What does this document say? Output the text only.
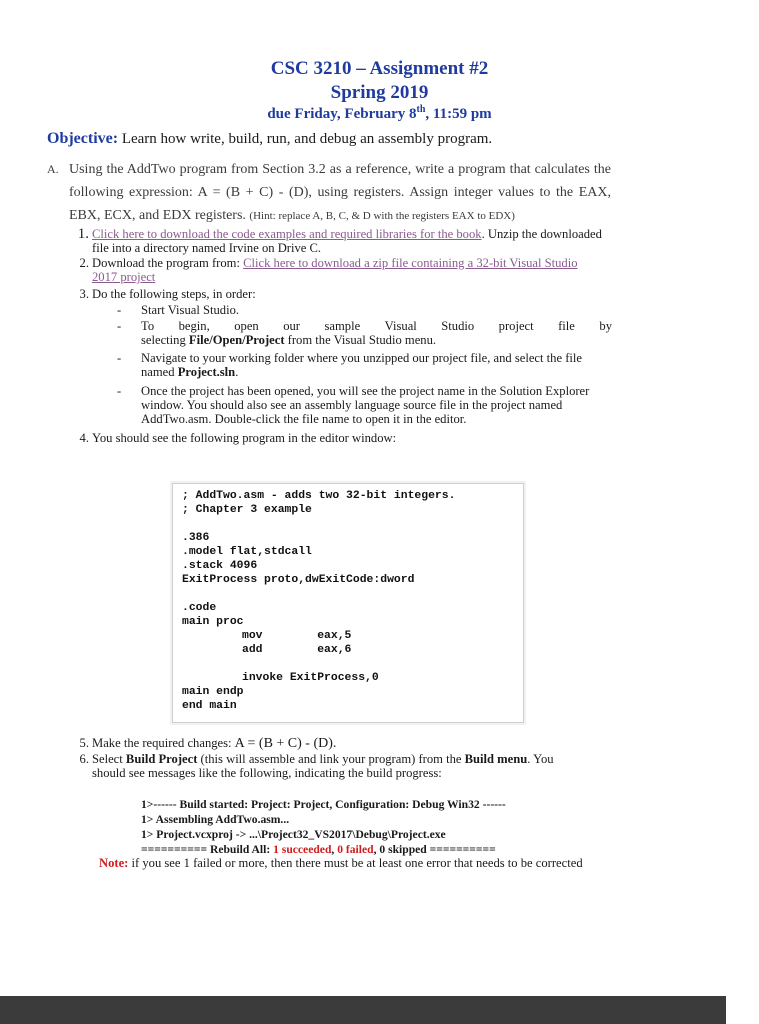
CSC 3210 – Assignment #2
Spring 2019
due Friday, February 8th, 11:59 pm
Objective: Learn how write, build, run, and debug an assembly program.
A. Using the AddTwo program from Section 3.2 as a reference, write a program that calculates the following expression: A = (B + C) - (D), using registers. Assign integer values to the EAX, EBX, ECX, and EDX registers. (Hint: replace A, B, C, & D with the registers EAX to EDX)
1. Click here to download the code examples and required libraries for the book. Unzip the downloaded
file into a directory named Irvine on Drive C.
2. Download the program from: Click here to download a zip file containing a 32-bit Visual Studio
2017 project
3. Do the following steps, in order:
- Start Visual Studio.
- To begin, open our sample Visual Studio project file by
selecting File/Open/Project from the Visual Studio menu.
- Navigate to your working folder where you unzipped our project file, and select the file
named Project.sln.
- Once the project has been opened, you will see the project name in the Solution Explorer
window. You should also see an assembly language source file in the project named
AddTwo.asm. Double-click the file name to open it in the editor.
4. You should see the following program in the editor window:
; AddTwo.asm - adds two 32-bit integers.
; Chapter 3 example
.386
.model flat,stdcall
.stack 4096
ExitProcess proto,dwExitCode:dword
.code
main proc
mov        eax,5
add        eax,6
invoke ExitProcess,0
main endp
end main
5. Make the required changes: A = (B + C) - (D).
6. Select Build Project (this will assemble and link your program) from the Build menu. You
should see messages like the following, indicating the build progress:
1>------ Build started: Project: Project, Configuration: Debug Win32 ------
1> Assembling AddTwo.asm...
1> Project.vcxproj -> ...\Project32_VS2017\Debug\Project.exe
========== Rebuild All: 1 succeeded, 0 failed, 0 skipped ==========
Note: if you see 1 failed or more, then there must be at least one error that needs to be corrected
